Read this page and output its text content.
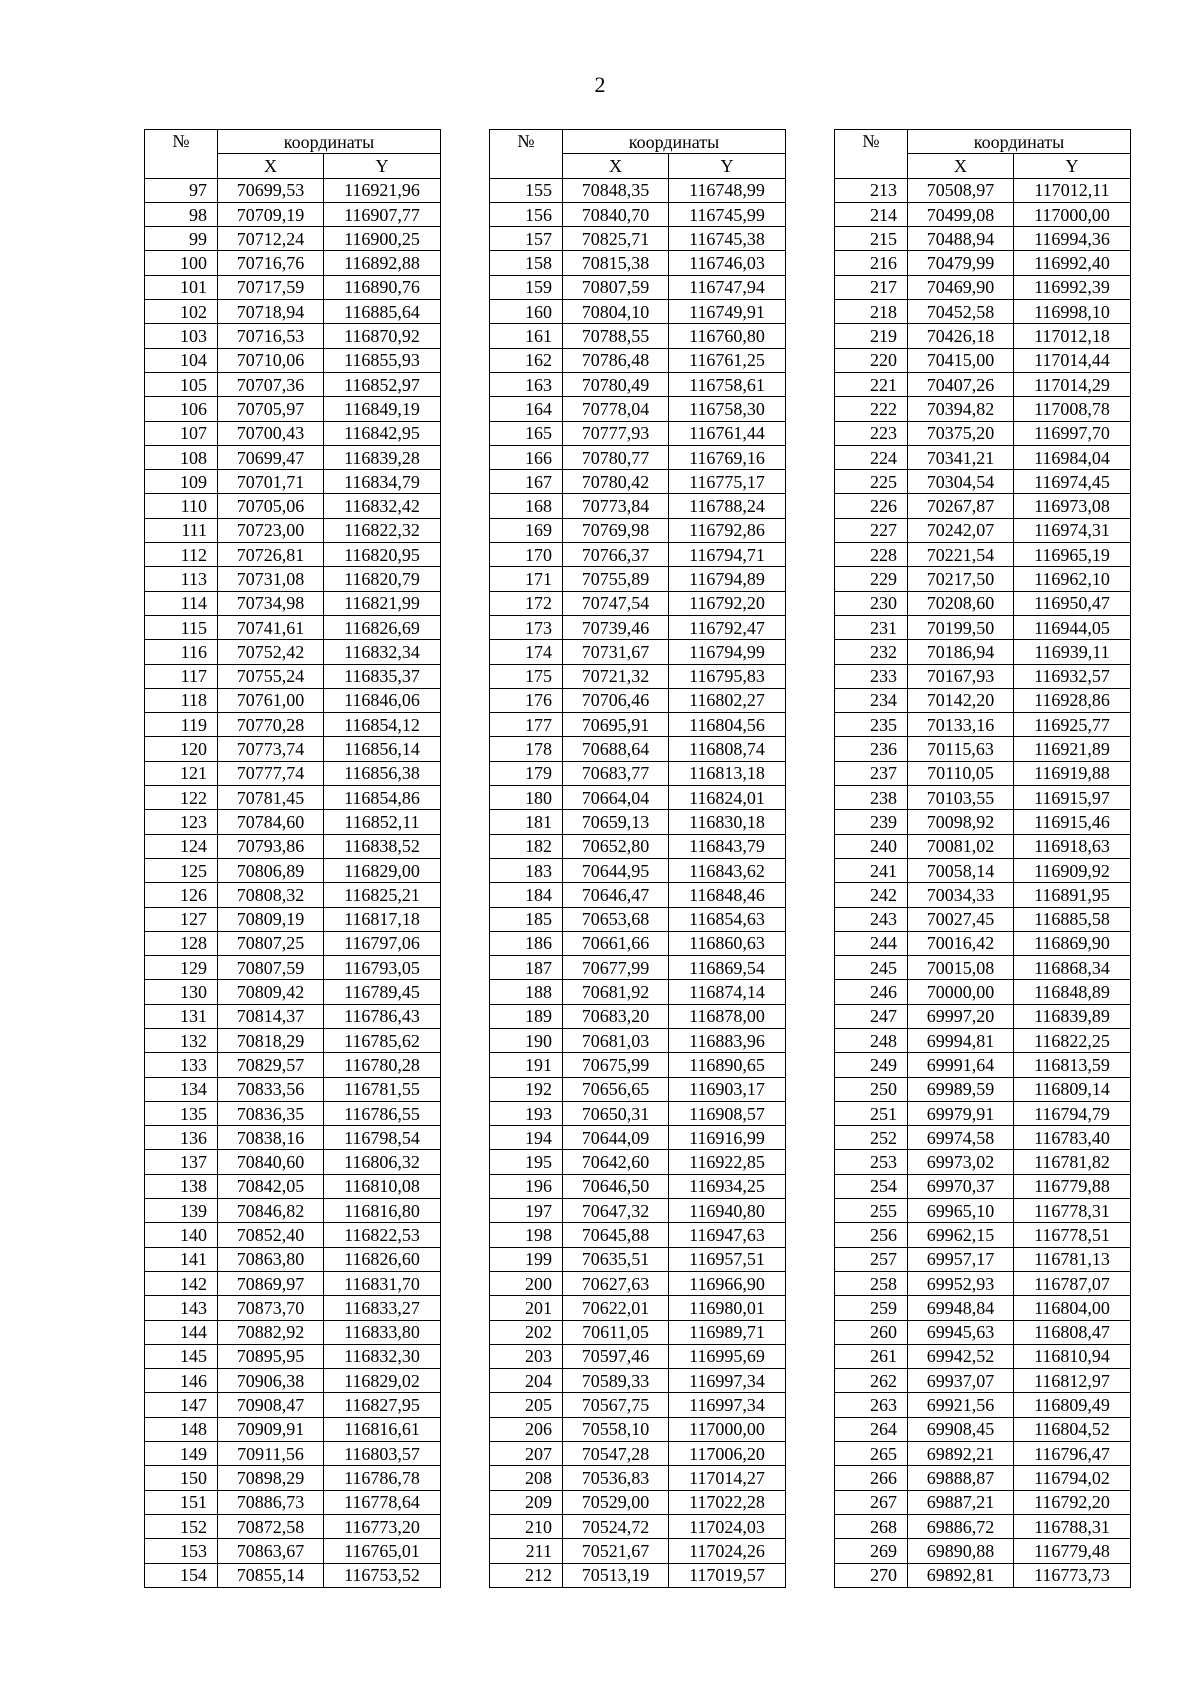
2
№	координаты	
	X	Y
97	70699,53	116921,96
98	70709,19	116907,77
99	70712,24	116900,25
100	70716,76	116892,88
101	70717,59	116890,76
102	70718,94	116885,64
103	70716,53	116870,92
104	70710,06	116855,93
105	70707,36	116852,97
106	70705,97	116849,19
107	70700,43	116842,95
108	70699,47	116839,28
109	70701,71	116834,79
110	70705,06	116832,42
111	70723,00	116822,32
112	70726,81	116820,95
113	70731,08	116820,79
114	70734,98	116821,99
115	70741,61	116826,69
116	70752,42	116832,34
117	70755,24	116835,37
118	70761,00	116846,06
119	70770,28	116854,12
120	70773,74	116856,14
121	70777,74	116856,38
122	70781,45	116854,86
123	70784,60	116852,11
124	70793,86	116838,52
125	70806,89	116829,00
126	70808,32	116825,21
127	70809,19	116817,18
128	70807,25	116797,06
129	70807,59	116793,05
130	70809,42	116789,45
131	70814,37	116786,43
132	70818,29	116785,62
133	70829,57	116780,28
134	70833,56	116781,55
135	70836,35	116786,55
136	70838,16	116798,54
137	70840,60	116806,32
138	70842,05	116810,08
139	70846,82	116816,80
140	70852,40	116822,53
141	70863,80	116826,60
142	70869,97	116831,70
143	70873,70	116833,27
144	70882,92	116833,80
145	70895,95	116832,30
146	70906,38	116829,02
147	70908,47	116827,95
148	70909,91	116816,61
149	70911,56	116803,57
150	70898,29	116786,78
151	70886,73	116778,64
152	70872,58	116773,20
153	70863,67	116765,01
154	70855,14	116753,52
№	координаты	
	X	Y
155	70848,35	116748,99
156	70840,70	116745,99
157	70825,71	116745,38
158	70815,38	116746,03
159	70807,59	116747,94
160	70804,10	116749,91
161	70788,55	116760,80
162	70786,48	116761,25
163	70780,49	116758,61
164	70778,04	116758,30
165	70777,93	116761,44
166	70780,77	116769,16
167	70780,42	116775,17
168	70773,84	116788,24
169	70769,98	116792,86
170	70766,37	116794,71
171	70755,89	116794,89
172	70747,54	116792,20
173	70739,46	116792,47
174	70731,67	116794,99
175	70721,32	116795,83
176	70706,46	116802,27
177	70695,91	116804,56
178	70688,64	116808,74
179	70683,77	116813,18
180	70664,04	116824,01
181	70659,13	116830,18
182	70652,80	116843,79
183	70644,95	116843,62
184	70646,47	116848,46
185	70653,68	116854,63
186	70661,66	116860,63
187	70677,99	116869,54
188	70681,92	116874,14
189	70683,20	116878,00
190	70681,03	116883,96
191	70675,99	116890,65
192	70656,65	116903,17
193	70650,31	116908,57
194	70644,09	116916,99
195	70642,60	116922,85
196	70646,50	116934,25
197	70647,32	116940,80
198	70645,88	116947,63
199	70635,51	116957,51
200	70627,63	116966,90
201	70622,01	116980,01
202	70611,05	116989,71
203	70597,46	116995,69
204	70589,33	116997,34
205	70567,75	116997,34
206	70558,10	117000,00
207	70547,28	117006,20
208	70536,83	117014,27
209	70529,00	117022,28
210	70524,72	117024,03
211	70521,67	117024,26
212	70513,19	117019,57
№	координаты	
	X	Y
213	70508,97	117012,11
214	70499,08	117000,00
215	70488,94	116994,36
216	70479,99	116992,40
217	70469,90	116992,39
218	70452,58	116998,10
219	70426,18	117012,18
220	70415,00	117014,44
221	70407,26	117014,29
222	70394,82	117008,78
223	70375,20	116997,70
224	70341,21	116984,04
225	70304,54	116974,45
226	70267,87	116973,08
227	70242,07	116974,31
228	70221,54	116965,19
229	70217,50	116962,10
230	70208,60	116950,47
231	70199,50	116944,05
232	70186,94	116939,11
233	70167,93	116932,57
234	70142,20	116928,86
235	70133,16	116925,77
236	70115,63	116921,89
237	70110,05	116919,88
238	70103,55	116915,97
239	70098,92	116915,46
240	70081,02	116918,63
241	70058,14	116909,92
242	70034,33	116891,95
243	70027,45	116885,58
244	70016,42	116869,90
245	70015,08	116868,34
246	70000,00	116848,89
247	69997,20	116839,89
248	69994,81	116822,25
249	69991,64	116813,59
250	69989,59	116809,14
251	69979,91	116794,79
252	69974,58	116783,40
253	69973,02	116781,82
254	69970,37	116779,88
255	69965,10	116778,31
256	69962,15	116778,51
257	69957,17	116781,13
258	69952,93	116787,07
259	69948,84	116804,00
260	69945,63	116808,47
261	69942,52	116810,94
262	69937,07	116812,97
263	69921,56	116809,49
264	69908,45	116804,52
265	69892,21	116796,47
266	69888,87	116794,02
267	69887,21	116792,20
268	69886,72	116788,31
269	69890,88	116779,48
270	69892,81	116773,73
